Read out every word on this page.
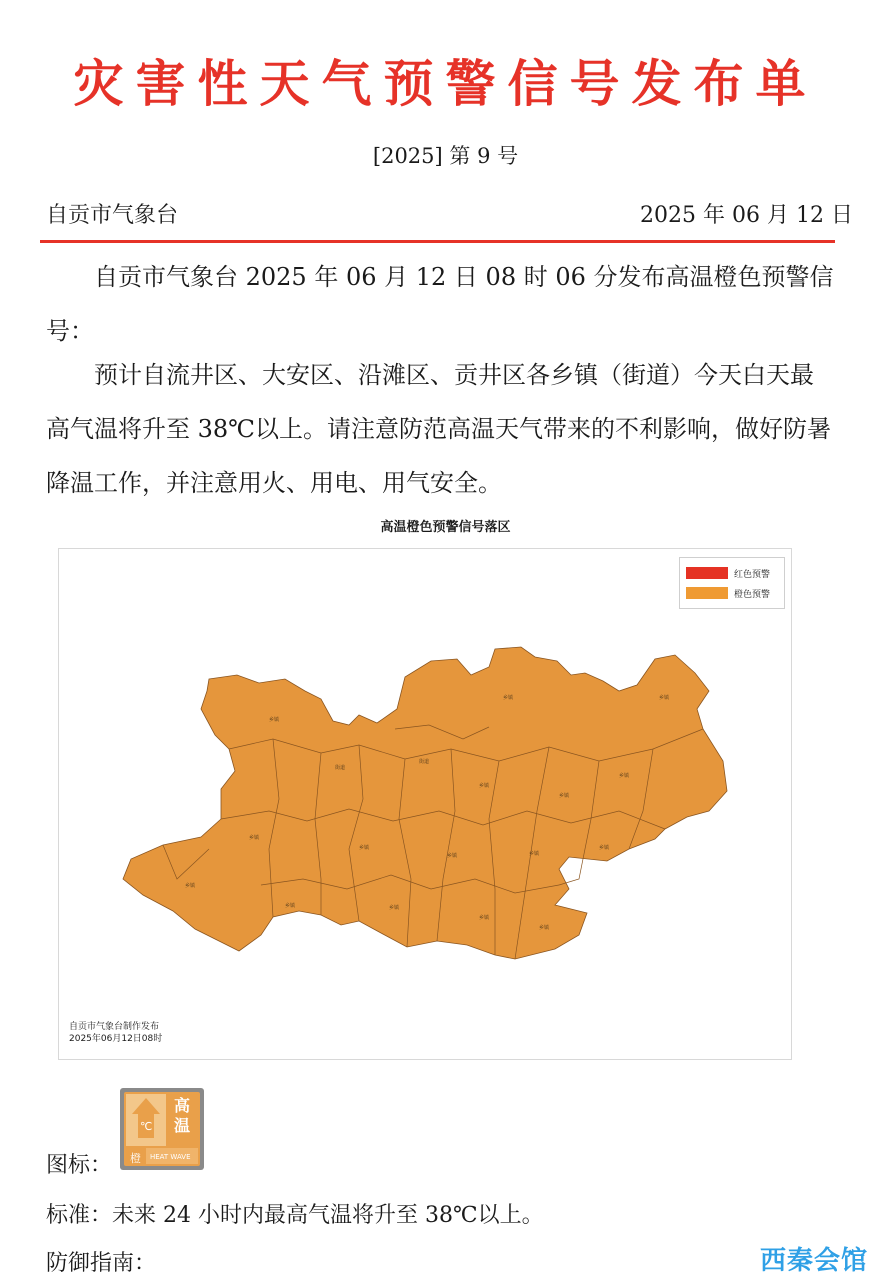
灾害性天气预警信号发布单
[2025] 第 9 号
自贡市气象台	2025 年 06 月 12 日
自贡市气象台 2025 年 06 月 12 日 08 时 06 分发布高温橙色预警信号：
预计自流井区、大安区、沿滩区、贡井区各乡镇（街道）今天白天最高气温将升至 38℃以上。请注意防范高温天气带来的不利影响，做好防暑降温工作，并注意用火、用电、用气安全。
高温橙色预警信号落区
乡镇
街道
街道
乡镇
乡镇
乡镇
乡镇
乡镇
乡镇	乡镇
乡镇
乡镇
乡镇	乡镇
乡镇
乡镇
乡镇	乡镇
红色预警
橙色预警
自贡市气象台制作发布
2025年06月12日08时
图标：
℃
高温
橙 HEAT WAVE
标准：未来 24 小时内最高气温将升至 38℃以上。
防御指南：	西秦会馆
